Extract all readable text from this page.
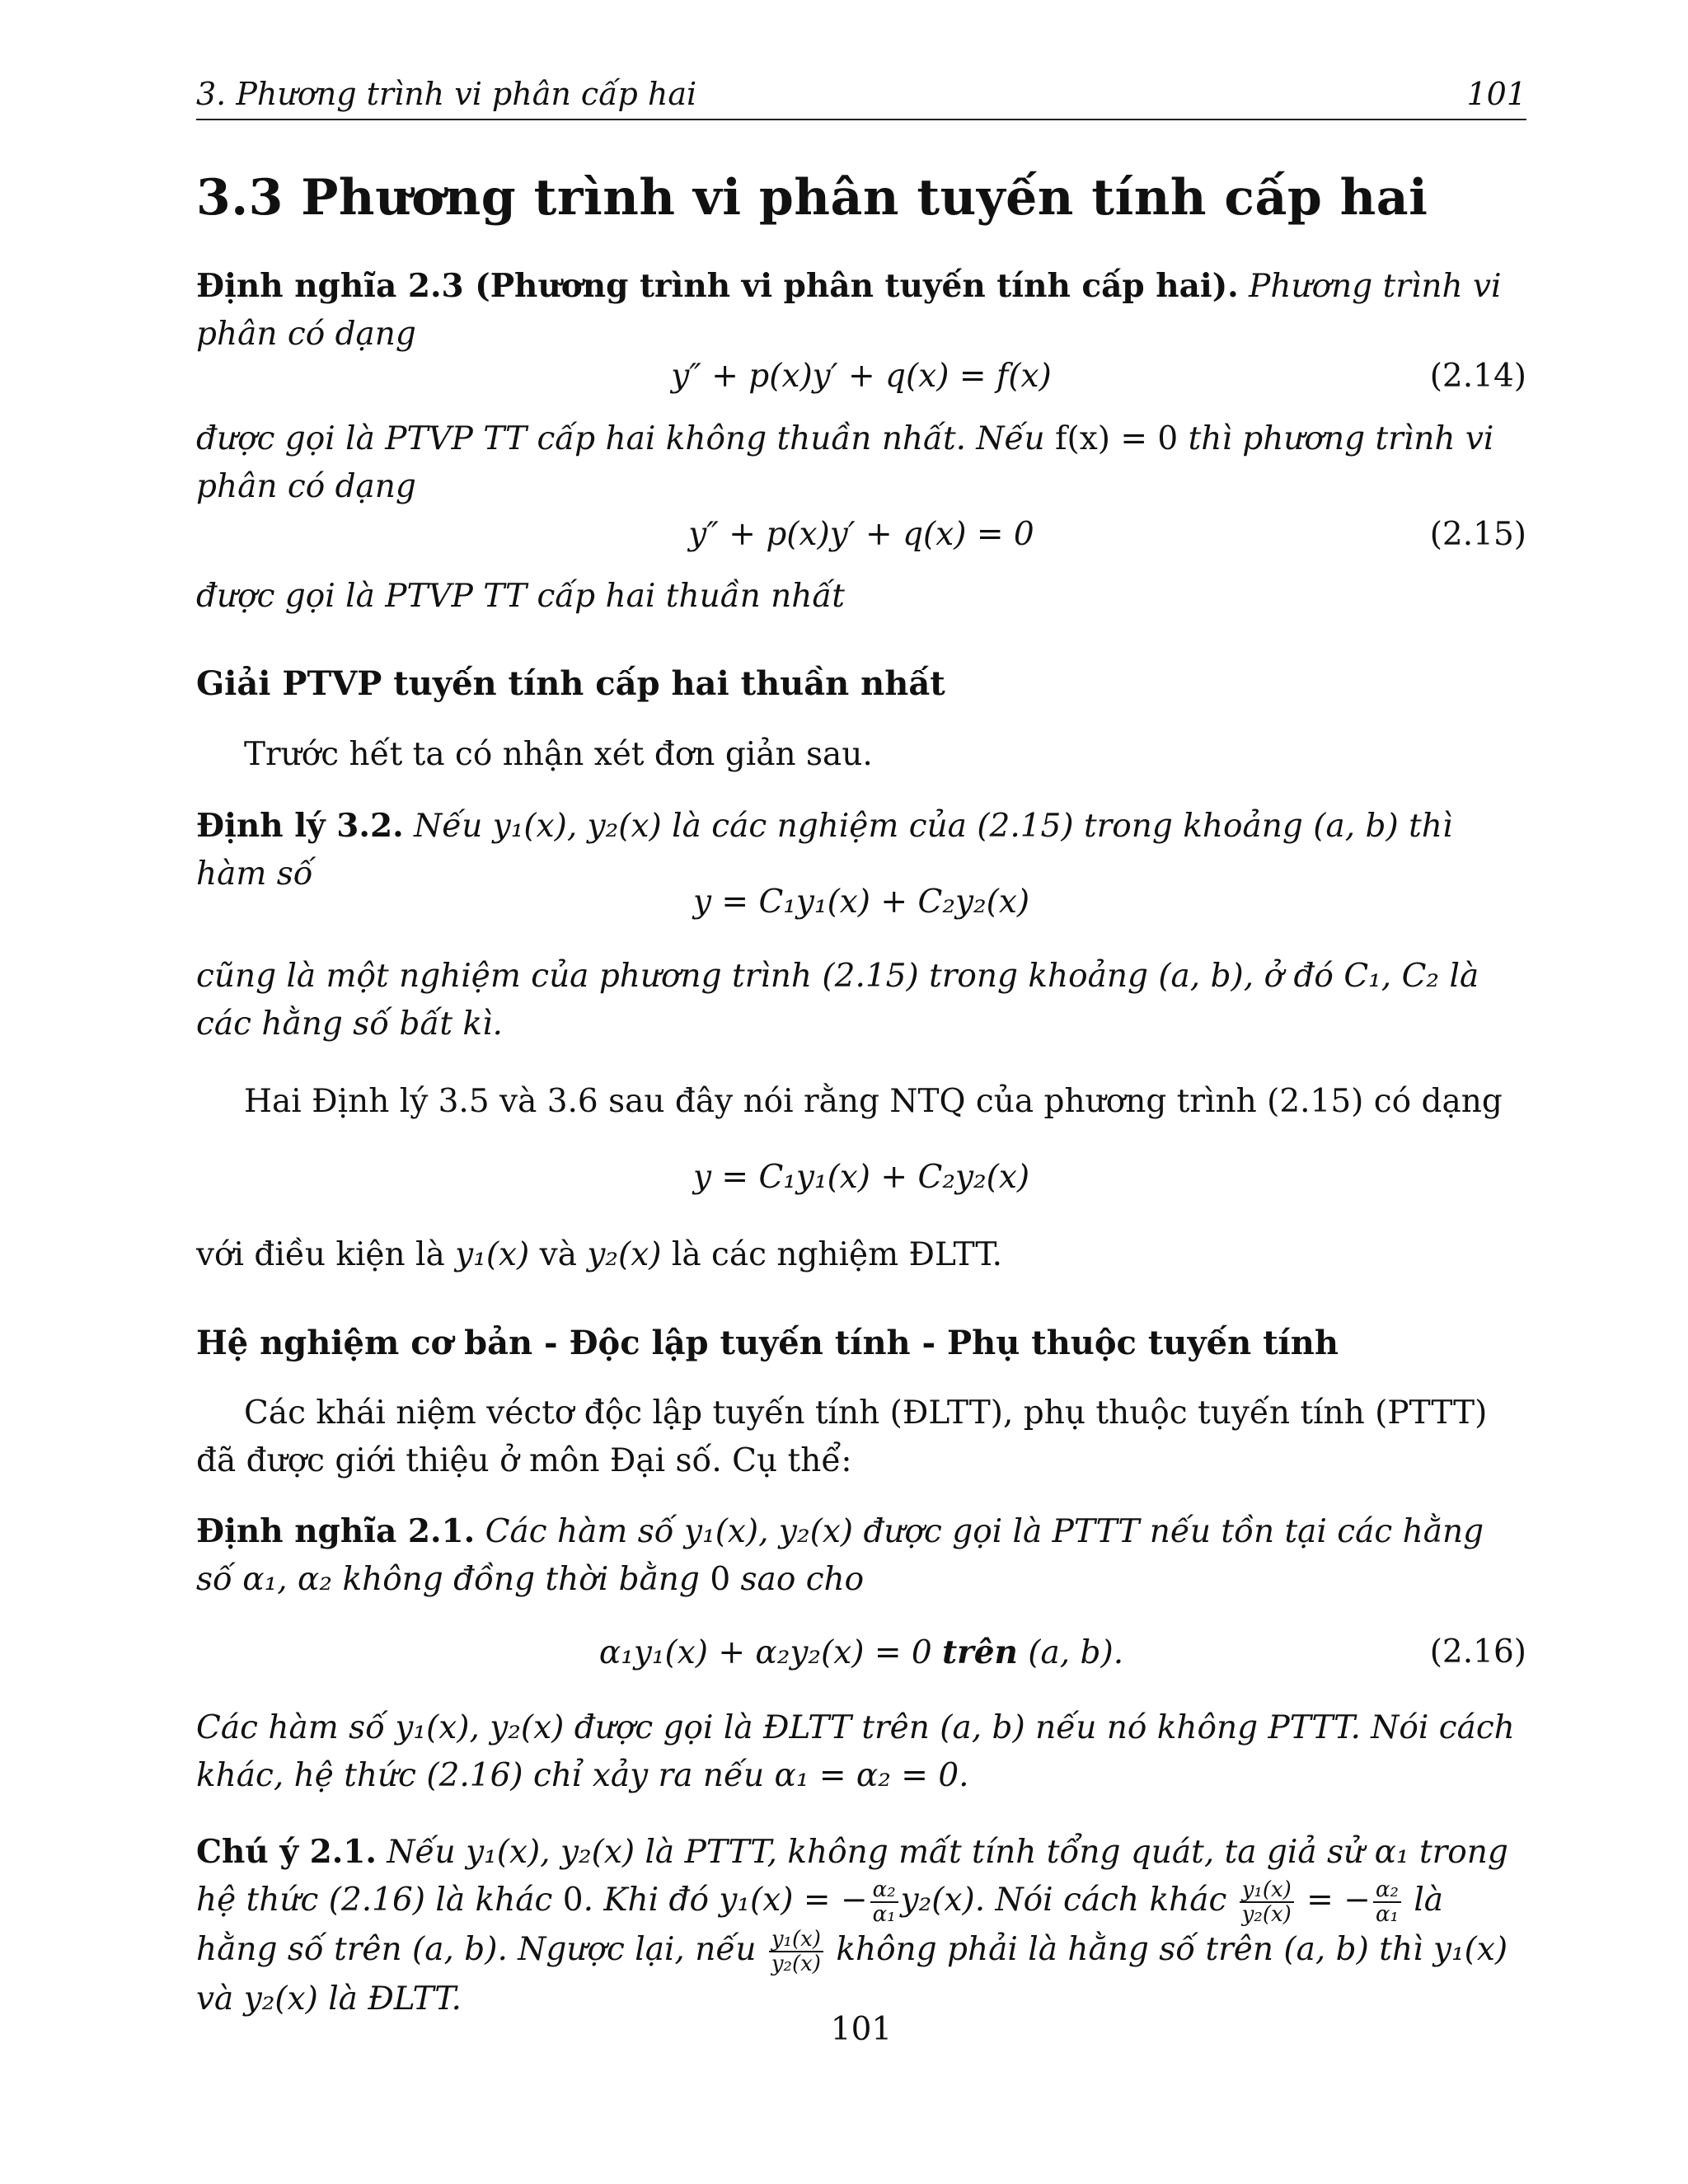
3. Phương trình vi phân cấp hai	101
3.3 Phương trình vi phân tuyến tính cấp hai
Định nghĩa 2.3 (Phương trình vi phân tuyến tính cấp hai). Phương trình vi phân có dạng
y″ + p(x)y′ + q(x) = f(x)	(2.14)
được gọi là PTVP TT cấp hai không thuần nhất. Nếu f(x) = 0 thì phương trình vi phân có dạng
y″ + p(x)y′ + q(x) = 0	(2.15)
được gọi là PTVP TT cấp hai thuần nhất
Giải PTVP tuyến tính cấp hai thuần nhất
Trước hết ta có nhận xét đơn giản sau.
Định lý 3.2. Nếu y₁(x), y₂(x) là các nghiệm của (2.15) trong khoảng (a, b) thì hàm số
y = C₁y₁(x) + C₂y₂(x)
cũng là một nghiệm của phương trình (2.15) trong khoảng (a, b), ở đó C₁, C₂ là các hằng số bất kì.
Hai Định lý 3.5 và 3.6 sau đây nói rằng NTQ của phương trình (2.15) có dạng
y = C₁y₁(x) + C₂y₂(x)
với điều kiện là y₁(x) và y₂(x) là các nghiệm ĐLTT.
Hệ nghiệm cơ bản - Độc lập tuyến tính - Phụ thuộc tuyến tính
Các khái niệm véctơ độc lập tuyến tính (ĐLTT), phụ thuộc tuyến tính (PTTT) đã được giới thiệu ở môn Đại số. Cụ thể:
Định nghĩa 2.1. Các hàm số y₁(x), y₂(x) được gọi là PTTT nếu tồn tại các hằng số α₁, α₂ không đồng thời bằng 0 sao cho
α₁y₁(x) + α₂y₂(x) = 0 trên (a, b).	(2.16)
Các hàm số y₁(x), y₂(x) được gọi là ĐLTT trên (a, b) nếu nó không PTTT. Nói cách khác, hệ thức (2.16) chỉ xảy ra nếu α₁ = α₂ = 0.
Chú ý 2.1. Nếu y₁(x), y₂(x) là PTTT, không mất tính tổng quát, ta giả sử α₁ trong hệ thức (2.16) là khác 0. Khi đó y₁(x) = − $\frac{\text{α₂}}{\text{α₁}} y_2(x)$. Nói cách khác $\frac{\text{y₁(x)}}{\text{y₂(x)}}$ = − $\frac{\text{α₂}}{\text{α₁}}$ là hằng số trên (a, b). Ngược lại, nếu $\frac{\text{y₁(x)}}{\text{y₂(x)}}$ không phải là hằng số trên (a, b) thì y₁(x) và y₂(x) là ĐLTT.
101
